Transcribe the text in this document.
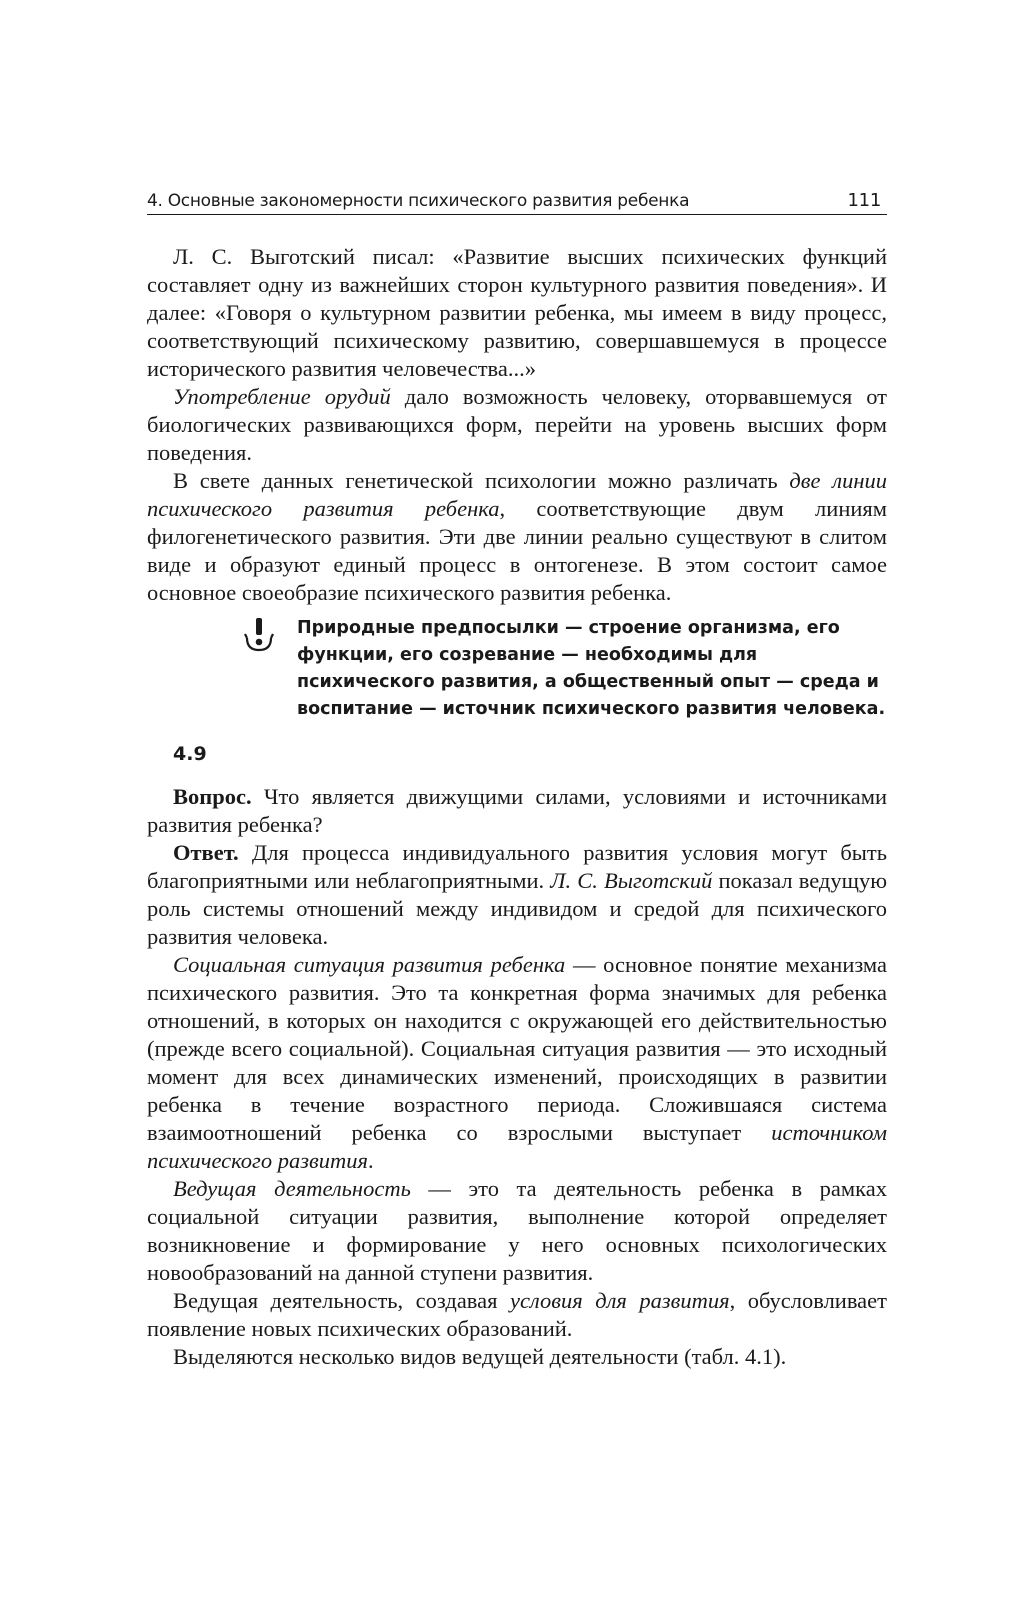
4. Основные закономерности психического развития ребенка	111

Л. С. Выготский писал: «Развитие высших психических функций составляет одну из важнейших сторон культурного развития поведения». И далее: «Говоря о культурном развитии ребенка, мы имеем в виду процесс, соответствующий психическому развитию, совершавшемуся в процессе исторического развития человечества...»

Употребление орудий дало возможность человеку, оторвавшемуся от биологических развивающихся форм, перейти на уровень высших форм поведения.

В свете данных генетической психологии можно различать две линии психического развития ребенка, соответствующие двум линиям филогенетического развития. Эти две линии реально существуют в слитом виде и образуют единый процесс в онтогенезе. В этом состоит самое основное своеобразие психического развития ребенка.

Природные предпосылки — строение организма, его функции, его созревание — необходимы для психического развития, а общественный опыт — среда и воспитание — источник психического развития человека.
4.9

Вопрос. Что является движущими силами, условиями и источниками развития ребенка?

Ответ. Для процесса индивидуального развития условия могут быть благоприятными или неблагоприятными. Л. С. Выготский показал ведущую роль системы отношений между индивидом и средой для психического развития человека.

Социальная ситуация развития ребенка — основное понятие механизма психического развития. Это та конкретная форма значимых для ребенка отношений, в которых он находится с окружающей его действительностью (прежде всего социальной). Социальная ситуация развития — это исходный момент для всех динамических изменений, происходящих в развитии ребенка в течение возрастного периода. Сложившаяся система взаимоотношений ребенка со взрослыми выступает источником психического развития.

Ведущая деятельность — это та деятельность ребенка в рамках социальной ситуации развития, выполнение которой определяет возникновение и формирование у него основных психологических новообразований на данной ступени развития.

Ведущая деятельность, создавая условия для развития, обусловливает появление новых психических образований.

Выделяются несколько видов ведущей деятельности (табл. 4.1).
